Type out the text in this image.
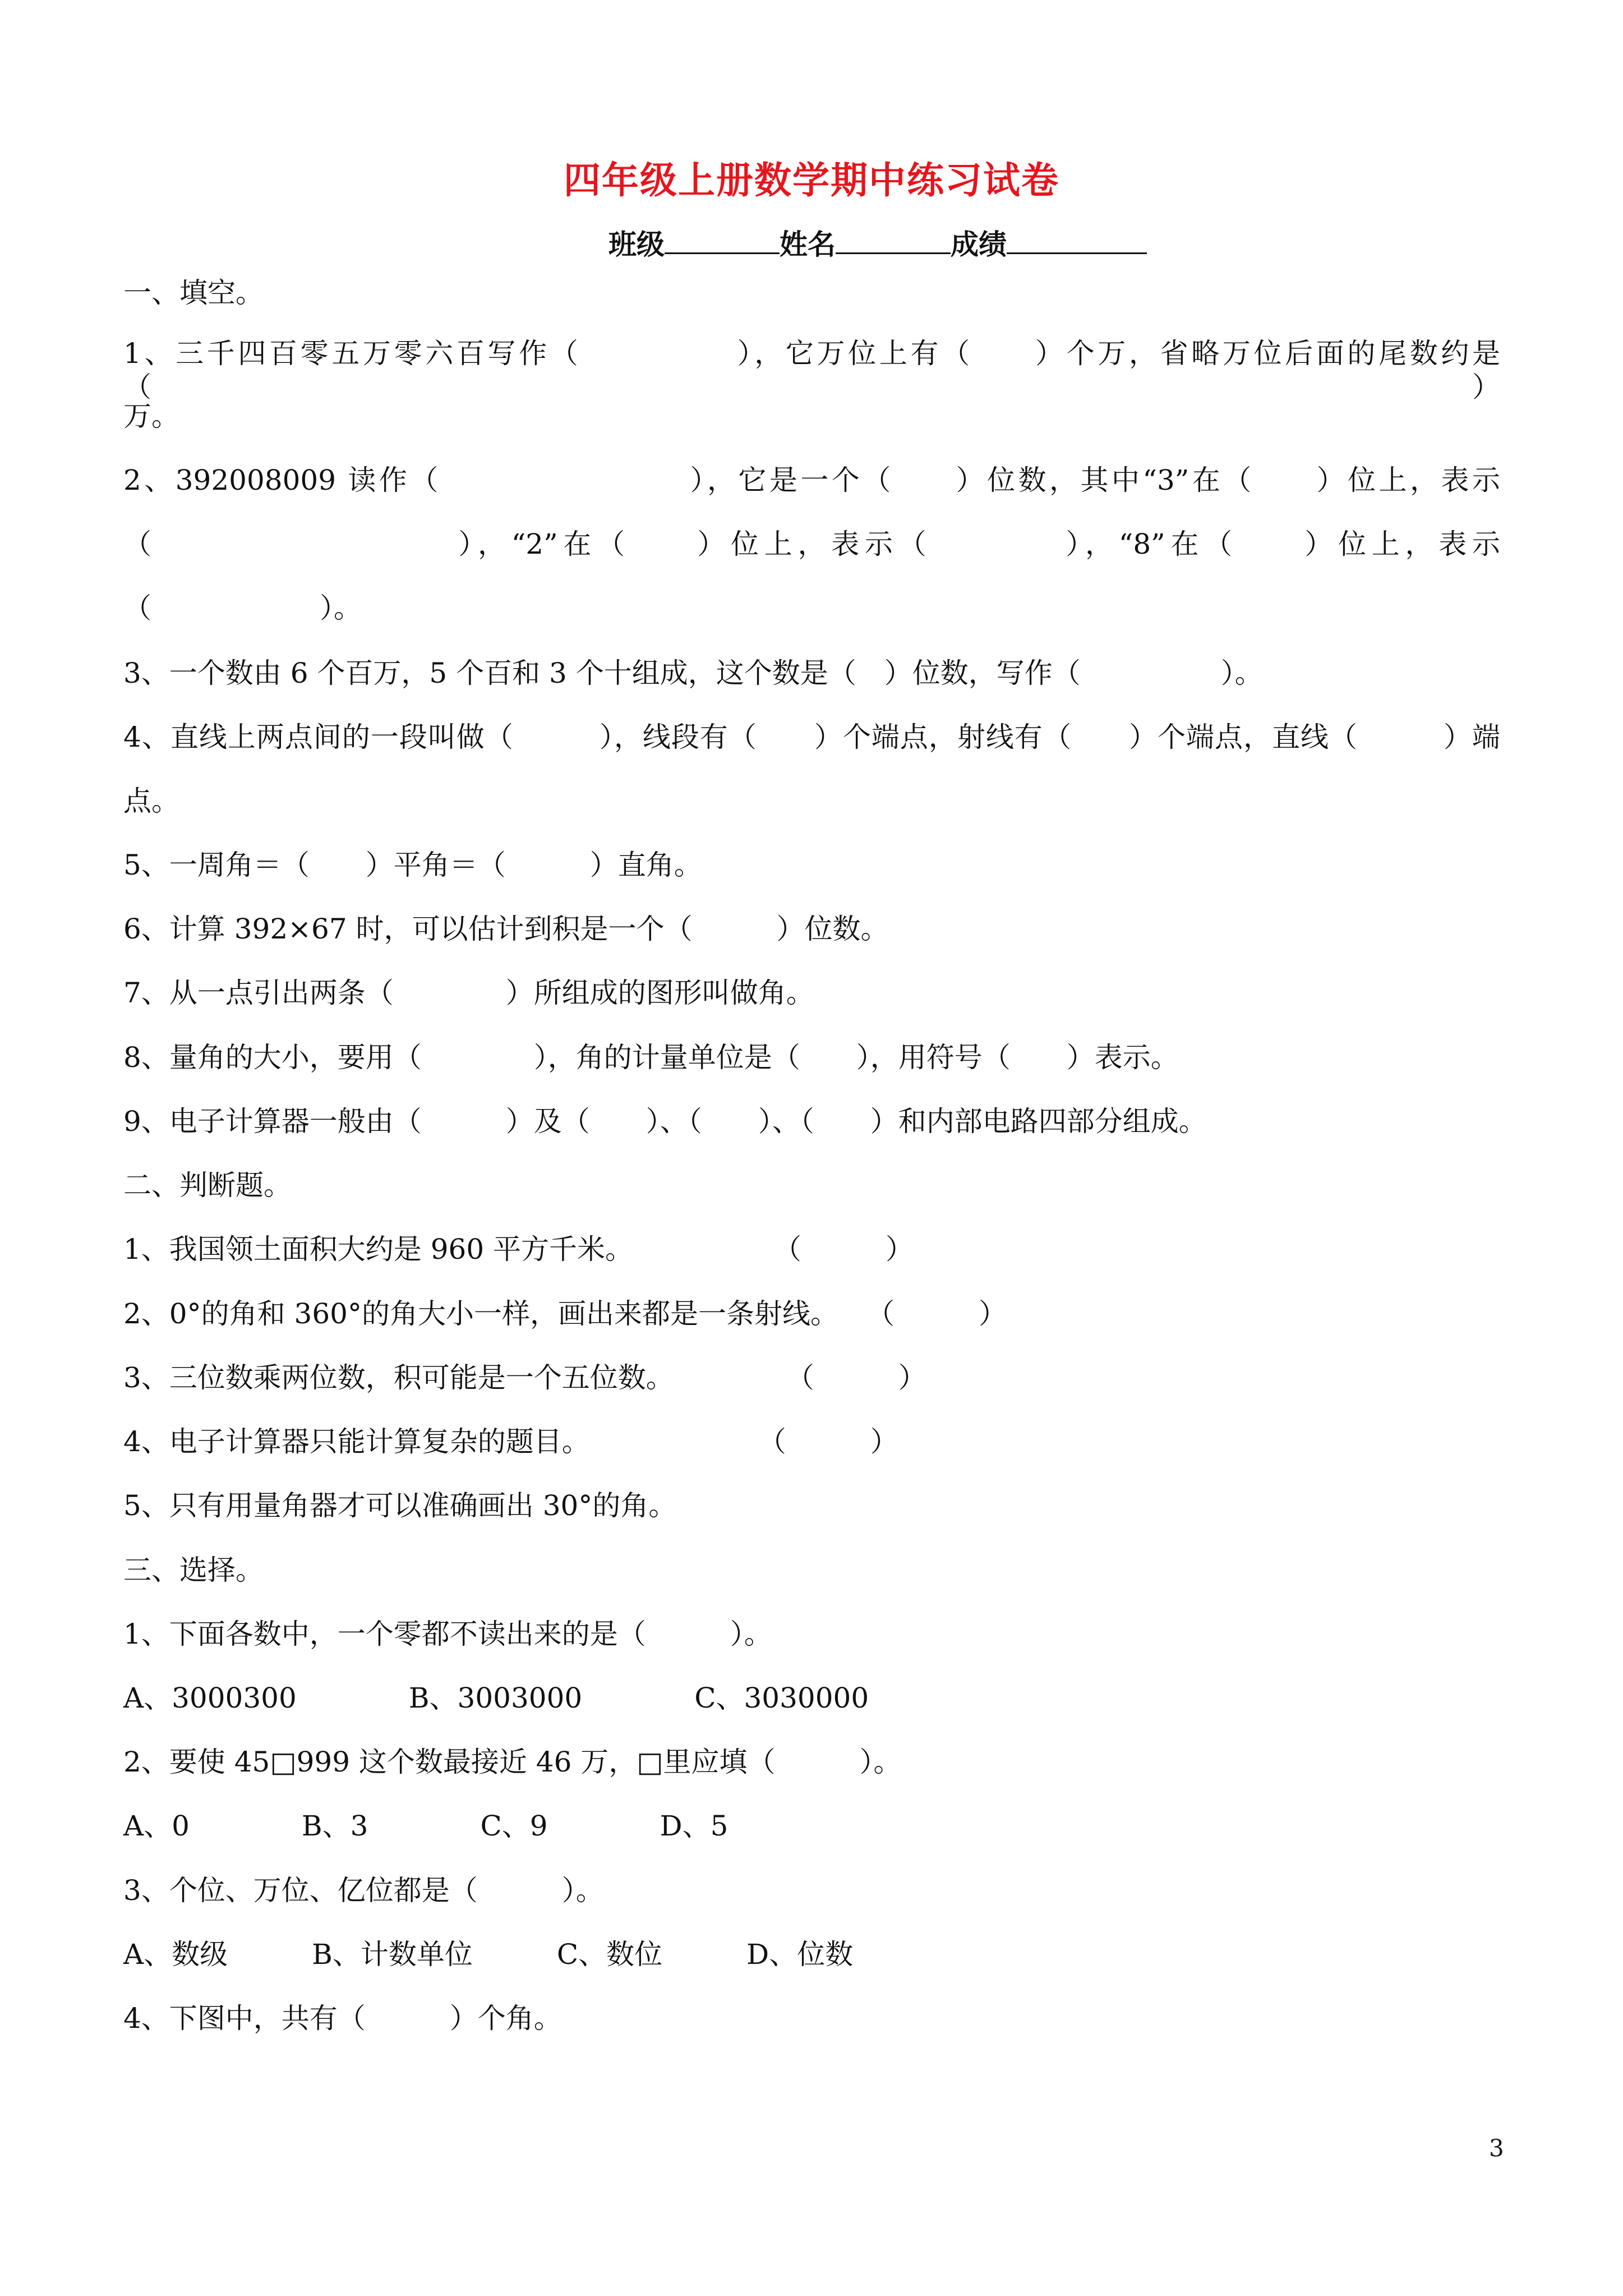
四年级上册数学期中练习试卷
班级	姓名	成绩
一、填空。
1、三千四百零五万零六百写作（　　　　　），它万位上有（　　）个万，省略万位后面的尾数约是（　　　　　）
万。
2、392008009 读作（　　　　　　　　），它是一个（　　）位数，其中“3”在（　　）位上，表示
（　　　　　　　　　），“2”在（　　）位上，表示（　　　　），“8”在（　　）位上，表示
（　　　　　　）。
3、一个数由 6 个百万，5 个百和 3 个十组成，这个数是（　）位数，写作（　　　　　）。
4、直线上两点间的一段叫做（　　　），线段有（　　）个端点，射线有（　　）个端点，直线（　　　）端
点。
5、一周角＝（　　）平角＝（　　　）直角。
6、计算 392×67 时，可以估计到积是一个（　　　）位数。
7、从一点引出两条（　　　　）所组成的图形叫做角。
8、量角的大小，要用（　　　　），角的计量单位是（　　），用符号（　　）表示。
9、电子计算器一般由（　　　）及（　　）、（　　）、（　　）和内部电路四部分组成。
二、判断题。
1、我国领土面积大约是 960 平方千米。　　　　　　（　　　）
2、0°的角和 360°的角大小一样，画出来都是一条射线。　　（　　　）
3、三位数乘两位数，积可能是一个五位数。　　　　　（　　　）
4、电子计算器只能计算复杂的题目。　　　　　　　（　　　）
5、只有用量角器才可以准确画出 30°的角。
三、选择。
1、下面各数中，一个零都不读出来的是（　　　）。
A、3000300　　　　B、3003000　　　　C、3030000
2、要使 45□999 这个数最接近 46 万，□里应填（　　　）。
A、0　　　　B、3　　　　C、9　　　　D、5
3、个位、万位、亿位都是（　　　）。
A、数级　　　B、计数单位　　　C、数位　　　D、位数
4、下图中，共有（　　　）个角。
3
